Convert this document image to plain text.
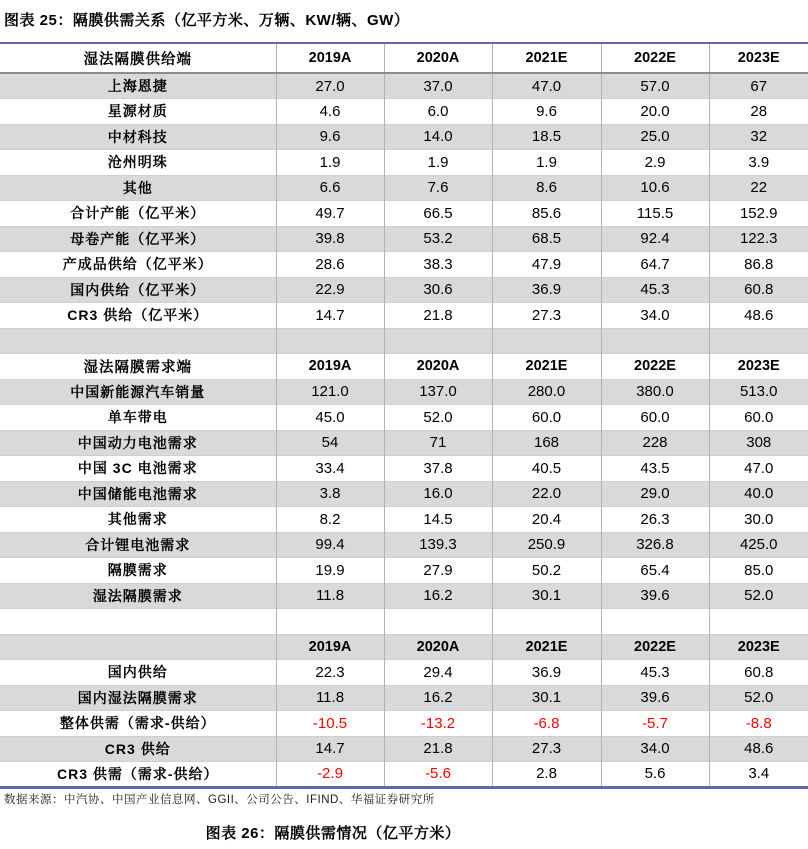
图表 25：隔膜供需关系（亿平方米、万辆、KW/辆、GW）
湿法隔膜供给端	2019A	2020A	2021E	2022E	2023E
上海恩捷	27.0	37.0	47.0	57.0	67
星源材质	4.6	6.0	9.6	20.0	28
中材科技	9.6	14.0	18.5	25.0	32
沧州明珠	1.9	1.9	1.9	2.9	3.9
其他	6.6	7.6	8.6	10.6	22
合计产能（亿平米）	49.7	66.5	85.6	115.5	152.9
母卷产能（亿平米）	39.8	53.2	68.5	92.4	122.3
产成品供给（亿平米）	28.6	38.3	47.9	64.7	86.8
国内供给（亿平米）	22.9	30.6	36.9	45.3	60.8
CR3 供给（亿平米）	14.7	21.8	27.3	34.0	48.6

湿法隔膜需求端	2019A	2020A	2021E	2022E	2023E
中国新能源汽车销量	121.0	137.0	280.0	380.0	513.0
单车带电	45.0	52.0	60.0	60.0	60.0
中国动力电池需求	54	71	168	228	308
中国 3C 电池需求	33.4	37.8	40.5	43.5	47.0
中国储能电池需求	3.8	16.0	22.0	29.0	40.0
其他需求	8.2	14.5	20.4	26.3	30.0
合计锂电池需求	99.4	139.3	250.9	326.8	425.0
隔膜需求	19.9	27.9	50.2	65.4	85.0
湿法隔膜需求	11.8	16.2	30.1	39.6	52.0

	2019A	2020A	2021E	2022E	2023E
国内供给	22.3	29.4	36.9	45.3	60.8
国内湿法隔膜需求	11.8	16.2	30.1	39.6	52.0
整体供需（需求-供给）	-10.5	-13.2	-6.8	-5.7	-8.8
CR3 供给	14.7	21.8	27.3	34.0	48.6
CR3 供需（需求-供给）	-2.9	-5.6	2.8	5.6	3.4
数据来源：中汽协、中国产业信息网、GGII、公司公告、IFIND、华福证券研究所
图表 26：隔膜供需情况（亿平方米）
